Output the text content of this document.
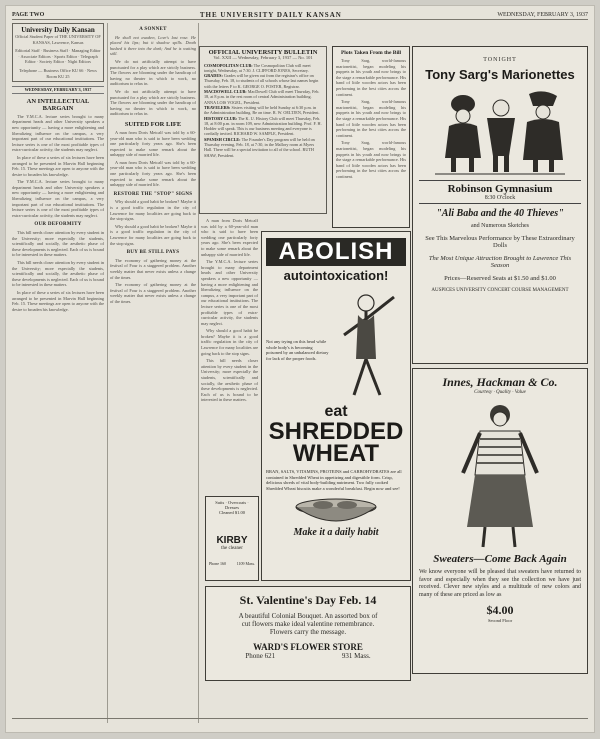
PAGE TWO	THE UNIVERSITY DAILY KANSAN	WEDNESDAY, FEBRUARY 3, 1937
University Daily Kansan
Official Student Paper of THE UNIVERSITY OF KANSAS, Lawrence, Kansas
Editorial Staff · Business Staff · Managing Editor · Associate Editors · Sports Editor · Telegraph Editor · Society Editor · Night Editors
Telephone — Business Office KU 66 · News Room KU 25
WEDNESDAY, FEBRUARY 3, 1937
AN INTELLECTUAL BARGAIN

The Y.M.C.A. lecture series brought to many department heads and other University speakers a new opportunity — having a more enlightening and liberalizing influence on the campus, a very important part of our educational institutions. The lecture series is one of the most profitable types of extra-curricular activity, the students may neglect.

In place of these a series of six lectures have been arranged to be presented in Marvin Hall beginning Feb. 15. These meetings are open to anyone with the desire to broaden his knowledge.

The Y.M.C.A. lecture series brought to many department heads and other University speakers a new opportunity — having a more enlightening and liberalizing influence on the campus, a very important part of our educational institutions. The lecture series is one of the most profitable types of extra-curricular activity, the students may neglect.

OUR DEFORMITY

This bill needs closer attention by every student in the University; more especially the students, scientifically and socially, the aesthetic phase of these developments is neglected. Each of us is bound to be interested in these matters.

This bill needs closer attention by every student in the University; more especially the students, scientifically and socially, the aesthetic phase of these developments is neglected. Each of us is bound to be interested in these matters.

In place of these a series of six lectures have been arranged to be presented in Marvin Hall beginning Feb. 15. These meetings are open to anyone with the desire to broaden his knowledge.

A SONNET

He shall not awaken, Love's last rose. He placed his lips; but it shadow spills. Death hushed it there into the dark; And he is waiting still.

We do not artificially attempt to have punctuated for a play which are strictly business. The flowers are blooming under the handicap of having no theater in which to work, no auditorium to relax in.

We do not artificially attempt to have punctuated for a play which are strictly business. The flowers are blooming under the handicap of having no theater in which to work, no auditorium to relax in.

SUITED FOR LIFE

A man from Doris Metcalf was told by a 60-year-old man who is said to have been wedding one particularly forty years ago. She's been expected to make some remark about the unhappy side of married life.

A man from Doris Metcalf was told by a 60-year-old man who is said to have been wedding one particularly forty years ago. She's been expected to make some remark about the unhappy side of married life.

RESTORE THE "STOP" SIGNS

Why should a good habit be broken? Maybe it is a good traffic regulation in the city of Lawrence for many localities are going back to the stop signs.

Why should a good habit be broken? Maybe it is a good traffic regulation in the city of Lawrence for many localities are going back to the stop signs.

BUY BE STILL PAYS

The economy of gathering money at the festival of Four is a staggered problem. Another weekly matter that never exists unless a change of the times.

The economy of gathering money at the festival of Four is a staggered problem. Another weekly matter that never exists unless a change of the times.

OFFICIAL UNIVERSITY BULLETIN
Vol. XXII — Wednesday, February 3, 1937 — No. 101
COSMOPOLITAN CLUB: The Cosmopolitan Club will meet tonight, Wednesday, at 7:30. J. CLIFFORD JONES, Secretary.
GRADES: Grades will be given out from the registrar's office on Thursday, Feb. 18, to students of all schools whose last names begin with the letters F to K. GEORGE O. FOSTER, Registrar.
MACDOWELL CLUB: MacDowell Club will meet Thursday, Feb. 18, at 8 p.m. in the rest room of central Administration building. ANNA LOIS VOGEL, President.
TRAVELERS: Sisters visiting will be held Sunday at 6:30 p.m. in the Administration building. Be on time. R. W. OELTJEN, President.
HISTORY CLUB: The K. U. History Club will meet Thursday, Feb. 18, at 8:00 p.m. in room 109, new Administration building. Prof. F. H. Hodder will speak. This is our business meeting and everyone is cordially invited. RICHARD W. SAMPLE, President.
SPANISH CIRCLE: The Founder's Day program will be held on Thursday evening, Feb. 18, at 7:30, in the Mallory room at Myers Hall. There will be a special invitation to all of the school. RUTH SHAW, President.

A man from Doris Metcalf was told by a 60-year-old man who is said to have been wedding one particularly forty years ago. She's been expected to make some remark about the unhappy side of married life.

The Y.M.C.A. lecture series brought to many department heads and other University speakers a new opportunity — having a more enlightening and liberalizing influence on the campus, a very important part of our educational institutions. The lecture series is one of the most profitable types of extra-curricular activity, the students may neglect.

Why should a good habit be broken? Maybe it is a good traffic regulation in the city of Lawrence for many localities are going back to the stop signs.

This bill needs closer attention by every student in the University; more especially the students, scientifically and socially, the aesthetic phase of these developments is neglected. Each of us is bound to be interested in these matters.

Plots Taken From the Bill

Tony Sarg, world-famous marionettist, began modeling his puppets in his youth and now brings to the stage a remarkable performance. His band of little wooden actors has been performing in the best cities across the continent.

Tony Sarg, world-famous marionettist, began modeling his puppets in his youth and now brings to the stage a remarkable performance. His band of little wooden actors has been performing in the best cities across the continent.

Tony Sarg, world-famous marionettist, began modeling his puppets in his youth and now brings to the stage a remarkable performance. His band of little wooden actors has been performing in the best cities across the continent.

TONIGHT
Tony Sarg's Marionettes
Robinson Gymnasium
8:30 O'clock
"Ali Baba and the 40 Thieves"
and Numerous Sketches
See This Marvelous Performance by These Extraordinary Dolls
The Most Unique Attraction Brought to Lawrence This Season
Prices—Reserved Seats at $1.50 and $1.00
AUSPICES UNIVERSITY CONCERT COURSE MANAGEMENT
ABOLISH
autointoxication!
Not any trying on this head while whole body's is becoming poisoned by an unbalanced dietary for lack of the proper foods.
eat
SHREDDED
WHEAT
BRAN, SALTS, VITAMINS, PROTEINS and CARBOHYDRATES are all contained in Shredded Wheat in appetizing and digestible form. Crisp, delicious shreds of vital body-building nutriment. Two fully cooked Shredded Wheat biscuits make a wonderful breakfast. Begin now and see!
Make it a daily habit
Suits · Overcoats · Dresses
Cleaned $1.00
KIRBY
the cleaner
Phone 160	1109 Mass.
Innes, Hackman & Co.
Courtesy · Quality · Value
Sweaters—Come Back Again
We know everyone will be pleased that sweaters have returned to favor and especially when they see the collection we have just received. Clever new styles and a multitude of new colors and many of these are priced as low as
$4.00
Second Floor
St. Valentine's Day Feb. 14
A beautiful Colonial Bouquet. An assorted box of
cut flowers make ideal valentine remembrance.
Flowers carry the message.
WARD'S FLOWER STORE
Phone 621	931 Mass.
